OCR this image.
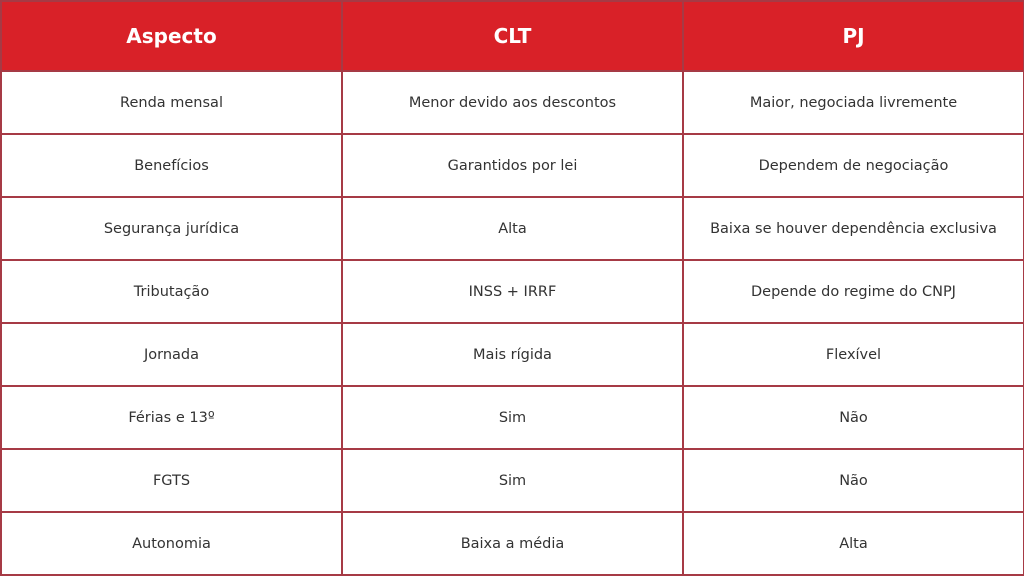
Aspecto	CLT	PJ
Renda mensal	Menor devido aos descontos	Maior, negociada livremente
Benefícios	Garantidos por lei	Dependem de negociação
Segurança jurídica	Alta	Baixa se houver dependência exclusiva
Tributação	INSS + IRRF	Depende do regime do CNPJ
Jornada	Mais rígida	Flexível
Férias e 13º	Sim	Não
FGTS	Sim	Não
Autonomia	Baixa a média	Alta
